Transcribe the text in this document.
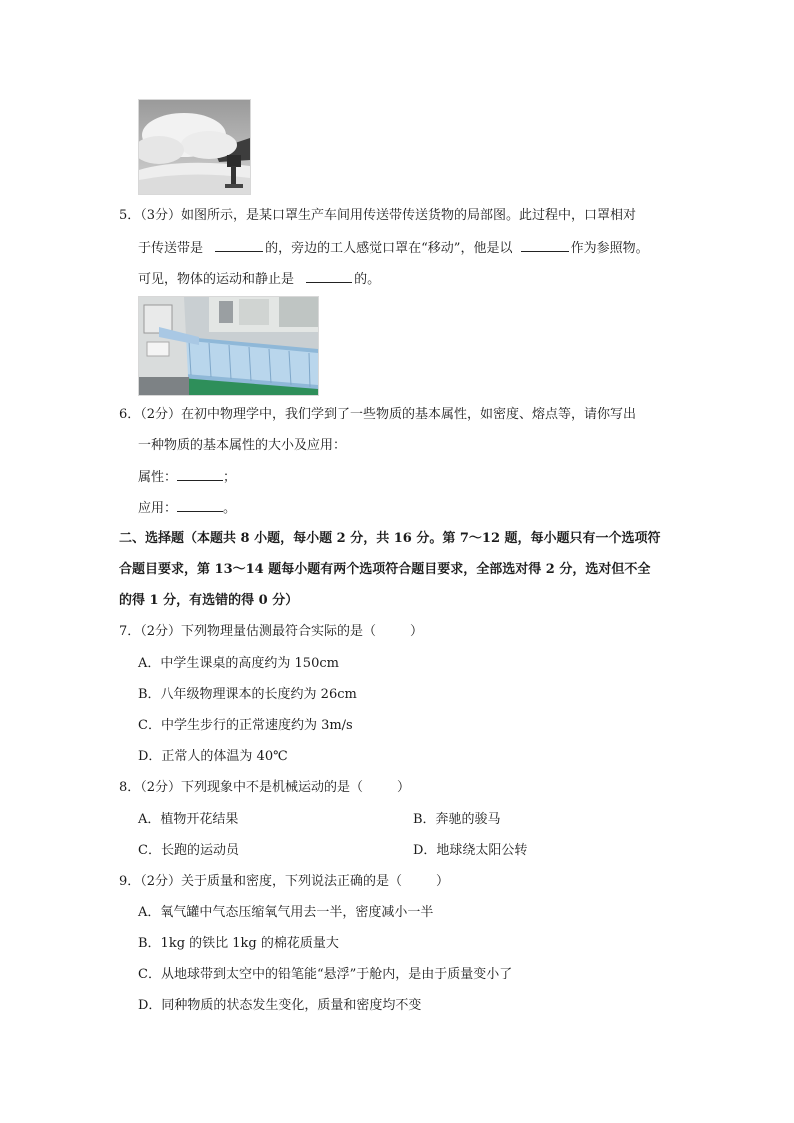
5．（3分）如图所示，是某口罩生产车间用传送带传送货物的局部图。此过程中，口罩相对
于传送带是	的，旁边的工人感觉口罩在“移动”，他是以	作为参照物。
可见，物体的运动和静止是	的。
6．（2分）在初中物理学中，我们学到了一些物质的基本属性，如密度、熔点等，请你写出
一种物质的基本属性的大小及应用：
属性：	；
应用：	。
二、选择题（本题共 8 小题，每小题 2 分，共 16 分。第 7～12 题，每小题只有一个选项符
合题目要求，第 13～14 题每小题有两个选项符合题目要求，全部选对得 2 分，选对但不全
的得 1 分，有选错的得 0 分）
7．（2分）下列物理量估测最符合实际的是（	）
A．中学生课桌的高度约为 150cm
B．八年级物理课本的长度约为 26cm
C．中学生步行的正常速度约为 3m/s
D．正常人的体温为 40℃
8．（2分）下列现象中不是机械运动的是（	）
A．植物开花结果	B．奔驰的骏马
C．长跑的运动员	D．地球绕太阳公转
9．（2分）关于质量和密度，下列说法正确的是（	）
A．氧气罐中气态压缩氧气用去一半，密度减小一半
B．1kg 的铁比 1kg 的棉花质量大
C．从地球带到太空中的铅笔能“悬浮”于舱内，是由于质量变小了
D．同种物质的状态发生变化，质量和密度均不变
